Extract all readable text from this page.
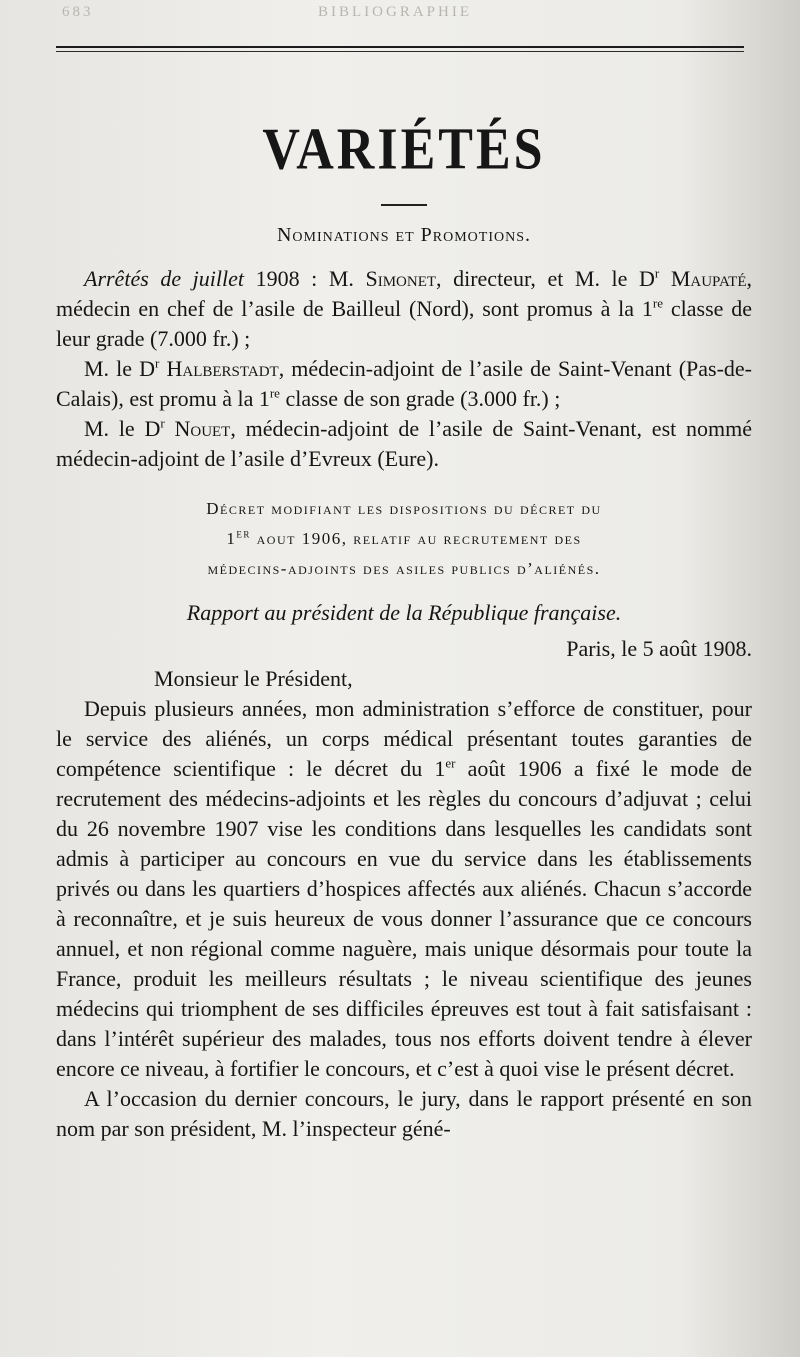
683	BIBLIOGRAPHIE
VARIÉTÉS
Nominations et Promotions.

Arrêtés de juillet 1908 : M. Simonet, directeur, et M. le $D^r$ Maupaté, médecin en chef de l’asile de Bailleul (Nord), sont promus à la 1re classe de leur grade (7.000 fr.) ;

M. le $D^r$ Halberstadt, médecin-adjoint de l’asile de Saint-Venant (Pas-de-Calais), est promu à la 1re classe de son grade (3.000 fr.) ;

M. le $D^r$ Nouet, médecin-adjoint de l’asile de Saint-Venant, est nommé médecin-adjoint de l’asile d’Evreux (Eure).

Décret modifiant les dispositions du décret du
1er aout 1906, relatif au recrutement des
médecins-adjoints des asiles publics d’aliénés.

Rapport au président de la République française.

Paris, le 5 août 1908.

Monsieur le Président,

Depuis plusieurs années, mon administration s’efforce de constituer, pour le service des aliénés, un corps médical présentant toutes garanties de compétence scientifique : le décret du 1er août 1906 a fixé le mode de recrutement des médecins-adjoints et les règles du concours d’adjuvat ; celui du 26 novembre 1907 vise les conditions dans lesquelles les candidats sont admis à participer au concours en vue du service dans les établissements privés ou dans les quartiers d’hospices affectés aux aliénés. Chacun s’accorde à reconnaître, et je suis heureux de vous donner l’assurance que ce concours annuel, et non régional comme naguère, mais unique désormais pour toute la France, produit les meilleurs résultats ; le niveau scientifique des jeunes médecins qui triomphent de ses difficiles épreuves est tout à fait satisfaisant : dans l’intérêt supérieur des malades, tous nos efforts doivent tendre à élever encore ce niveau, à fortifier le concours, et c’est à quoi vise le présent décret.

A l’occasion du dernier concours, le jury, dans le rapport présenté en son nom par son président, M. l’inspecteur géné-
